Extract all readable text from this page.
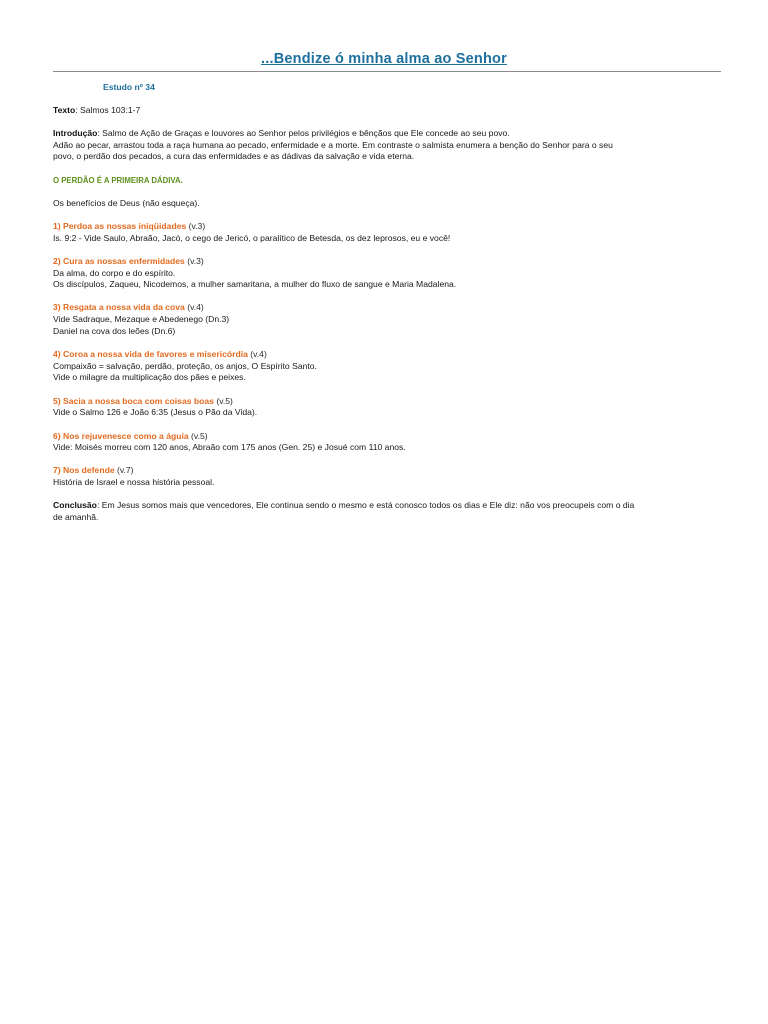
...Bendize ó minha alma ao Senhor
Estudo nº 34

Texto: Salmos 103:1-7

Introdução: Salmo de Ação de Graças e louvores ao Senhor pelos privilégios e bênçãos que Ele concede ao seu povo.
Adão ao pecar, arrastou toda a raça humana ao pecado, enfermidade e a morte. Em contraste o salmista enumera a benção do Senhor para o seu
povo, o perdão dos pecados, a cura das enfermidades e as dádivas da salvação e vida eterna.

O PERDÃO É A PRIMEIRA DÁDIVA.

Os benefícios de Deus (não esqueça).

1) Perdoa as nossas iniqüidades (v.3)
Is. 9:2 - Vide Saulo, Abraão, Jacó, o cego de Jericó, o paralítico de Betesda, os dez leprosos, eu e você!

2) Cura as nossas enfermidades (v.3)
Da alma, do corpo e do espírito.
Os discípulos, Zaqueu, Nicodemos, a mulher samaritana, a mulher do fluxo de sangue e Maria Madalena.

3) Resgata a nossa vida da cova (v.4)
Vide Sadraque, Mezaque e Abedenego (Dn.3)
Daniel na cova dos leões (Dn.6)

4) Coroa a nossa vida de favores e misericórdia (v.4)
Compaixão = salvação, perdão, proteção, os anjos, O Espírito Santo.
Vide o milagre da multiplicação dos pães e peixes.

5) Sacia a nossa boca com coisas boas (v.5)
Vide o Salmo 126 e João 6:35 (Jesus o Pão da Vida).

6) Nos rejuvenesce como a águia (v.5)
Vide: Moisés morreu com 120 anos, Abraão com 175 anos (Gen. 25) e Josué com 110 anos.

7) Nos defende (v.7)
História de Israel e nossa história pessoal.

Conclusão: Em Jesus somos mais que vencedores, Ele continua sendo o mesmo e está conosco todos os dias e Ele diz: não vos preocupeis com o dia
de amanhã.
